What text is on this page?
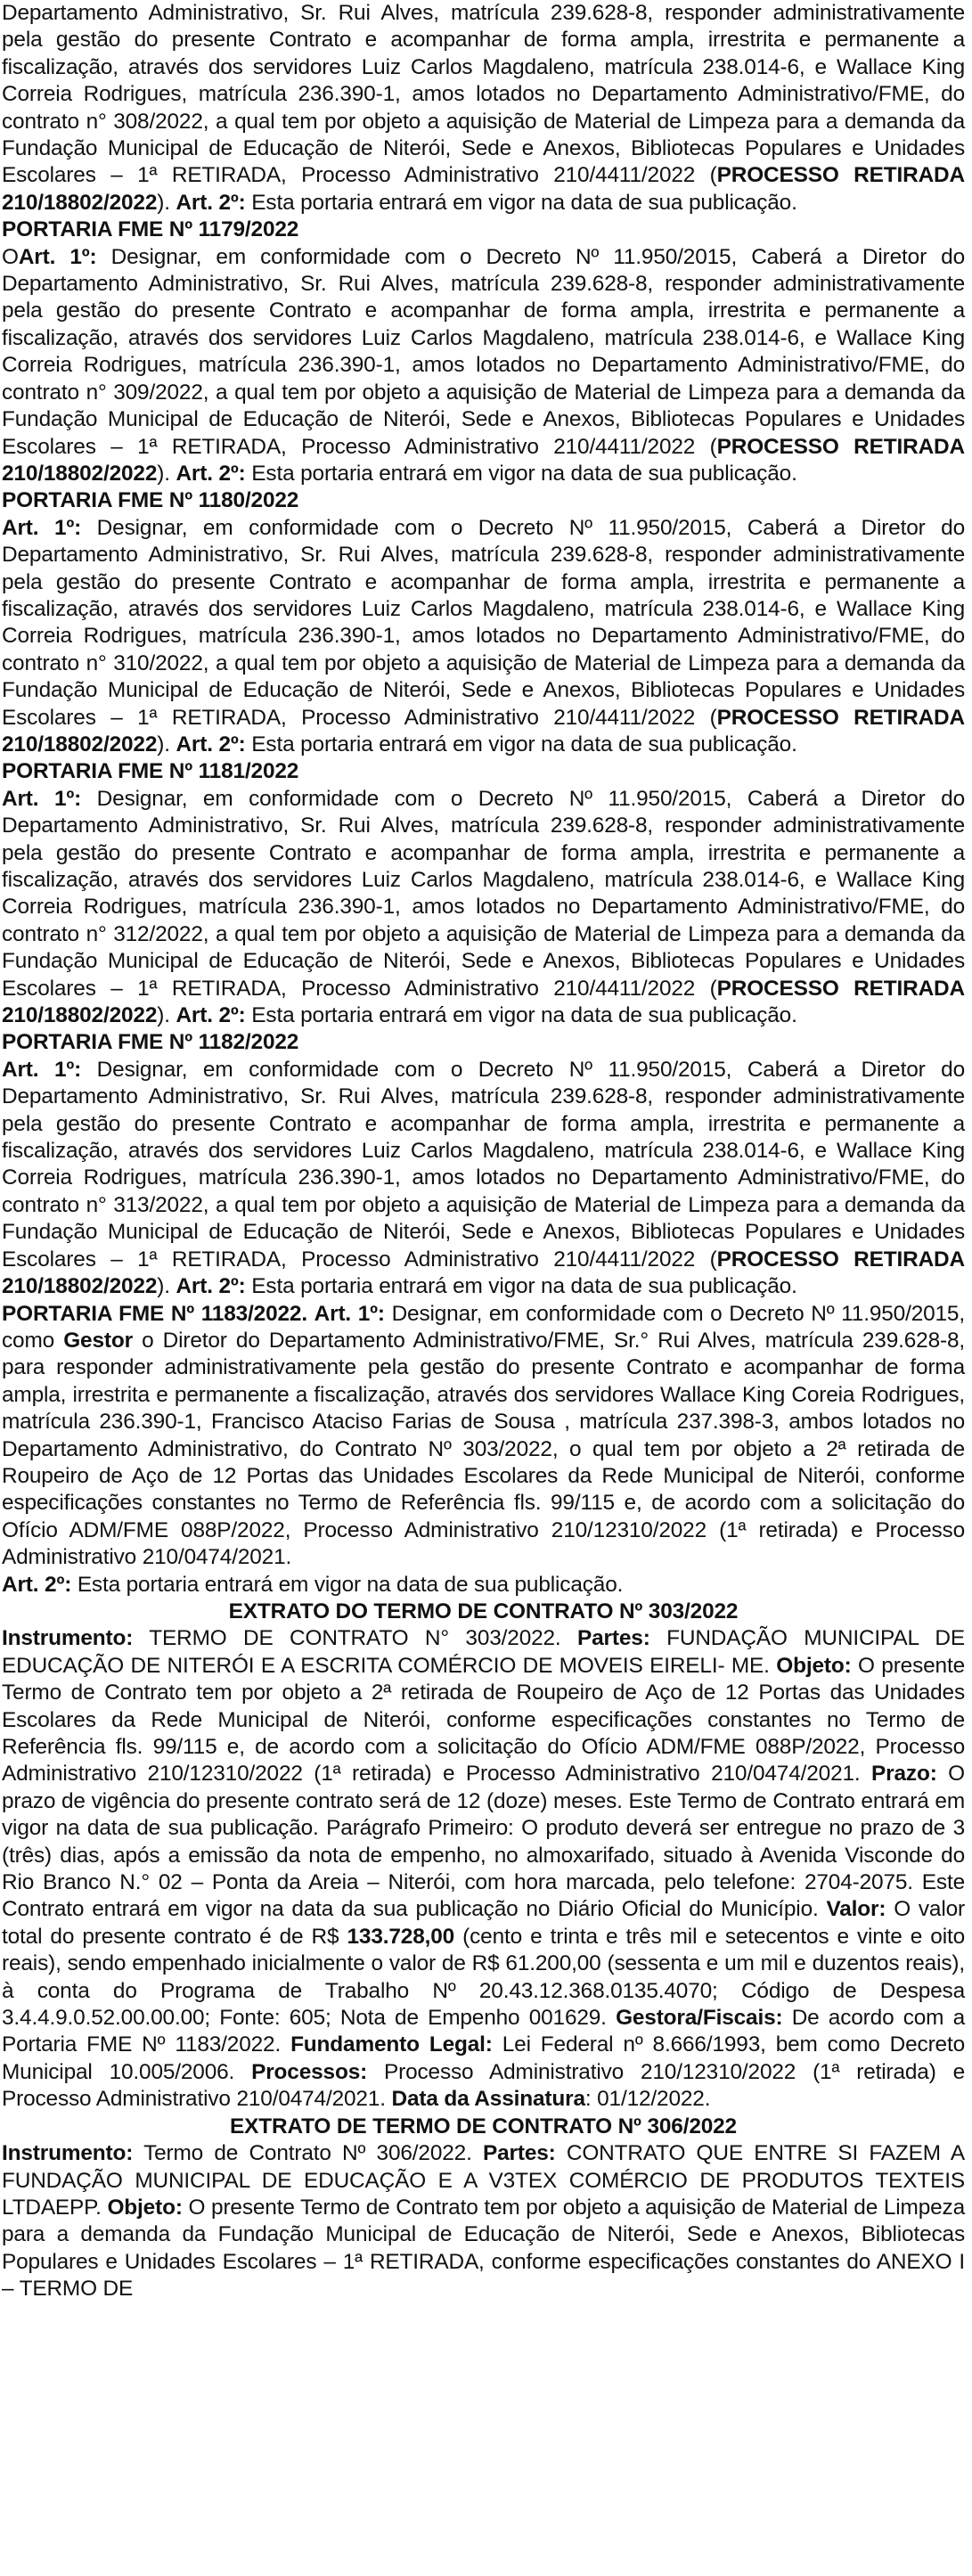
Departamento Administrativo, Sr. Rui Alves, matrícula 239.628-8, responder administrativamente pela gestão do presente Contrato e acompanhar de forma ampla, irrestrita e permanente a fiscalização, através dos servidores Luiz Carlos Magdaleno, matrícula 238.014-6, e Wallace King Correia Rodrigues, matrícula 236.390-1, amos lotados no Departamento Administrativo/FME, do contrato n° 308/2022, a qual tem por objeto a aquisição de Material de Limpeza para a demanda da Fundação Municipal de Educação de Niterói, Sede e Anexos, Bibliotecas Populares e Unidades Escolares – 1ª RETIRADA, Processo Administrativo 210/4411/2022 (PROCESSO RETIRADA 210/18802/2022). Art. 2º: Esta portaria entrará em vigor na data de sua publicação.

PORTARIA FME Nº 1179/2022

OArt. 1º: Designar, em conformidade com o Decreto Nº 11.950/2015, Caberá a Diretor do Departamento Administrativo, Sr. Rui Alves, matrícula 239.628-8, responder administrativamente pela gestão do presente Contrato e acompanhar de forma ampla, irrestrita e permanente a fiscalização, através dos servidores Luiz Carlos Magdaleno, matrícula 238.014-6, e Wallace King Correia Rodrigues, matrícula 236.390-1, amos lotados no Departamento Administrativo/FME, do contrato n° 309/2022, a qual tem por objeto a aquisição de Material de Limpeza para a demanda da Fundação Municipal de Educação de Niterói, Sede e Anexos, Bibliotecas Populares e Unidades Escolares – 1ª RETIRADA, Processo Administrativo 210/4411/2022 (PROCESSO RETIRADA 210/18802/2022). Art. 2º: Esta portaria entrará em vigor na data de sua publicação.

PORTARIA FME Nº 1180/2022

Art. 1º: Designar, em conformidade com o Decreto Nº 11.950/2015, Caberá a Diretor do Departamento Administrativo, Sr. Rui Alves, matrícula 239.628-8, responder administrativamente pela gestão do presente Contrato e acompanhar de forma ampla, irrestrita e permanente a fiscalização, através dos servidores Luiz Carlos Magdaleno, matrícula 238.014-6, e Wallace King Correia Rodrigues, matrícula 236.390-1, amos lotados no Departamento Administrativo/FME, do contrato n° 310/2022, a qual tem por objeto a aquisição de Material de Limpeza para a demanda da Fundação Municipal de Educação de Niterói, Sede e Anexos, Bibliotecas Populares e Unidades Escolares – 1ª RETIRADA, Processo Administrativo 210/4411/2022 (PROCESSO RETIRADA 210/18802/2022). Art. 2º: Esta portaria entrará em vigor na data de sua publicação.

PORTARIA FME Nº 1181/2022

Art. 1º: Designar, em conformidade com o Decreto Nº 11.950/2015, Caberá a Diretor do Departamento Administrativo, Sr. Rui Alves, matrícula 239.628-8, responder administrativamente pela gestão do presente Contrato e acompanhar de forma ampla, irrestrita e permanente a fiscalização, através dos servidores Luiz Carlos Magdaleno, matrícula 238.014-6, e Wallace King Correia Rodrigues, matrícula 236.390-1, amos lotados no Departamento Administrativo/FME, do contrato n° 312/2022, a qual tem por objeto a aquisição de Material de Limpeza para a demanda da Fundação Municipal de Educação de Niterói, Sede e Anexos, Bibliotecas Populares e Unidades Escolares – 1ª RETIRADA, Processo Administrativo 210/4411/2022 (PROCESSO RETIRADA 210/18802/2022). Art. 2º: Esta portaria entrará em vigor na data de sua publicação.

PORTARIA FME Nº 1182/2022

Art. 1º: Designar, em conformidade com o Decreto Nº 11.950/2015, Caberá a Diretor do Departamento Administrativo, Sr. Rui Alves, matrícula 239.628-8, responder administrativamente pela gestão do presente Contrato e acompanhar de forma ampla, irrestrita e permanente a fiscalização, através dos servidores Luiz Carlos Magdaleno, matrícula 238.014-6, e Wallace King Correia Rodrigues, matrícula 236.390-1, amos lotados no Departamento Administrativo/FME, do contrato n° 313/2022, a qual tem por objeto a aquisição de Material de Limpeza para a demanda da Fundação Municipal de Educação de Niterói, Sede e Anexos, Bibliotecas Populares e Unidades Escolares – 1ª RETIRADA, Processo Administrativo 210/4411/2022 (PROCESSO RETIRADA 210/18802/2022). Art. 2º: Esta portaria entrará em vigor na data de sua publicação.

PORTARIA FME Nº 1183/2022. Art. 1º: Designar, em conformidade com o Decreto Nº 11.950/2015, como Gestor o Diretor do Departamento Administrativo/FME, Sr.° Rui Alves, matrícula 239.628-8, para responder administrativamente pela gestão do presente Contrato e acompanhar de forma ampla, irrestrita e permanente a fiscalização, através dos servidores Wallace King Coreia Rodrigues, matrícula 236.390-1, Francisco Ataciso Farias de Sousa , matrícula 237.398-3, ambos lotados no Departamento Administrativo, do Contrato Nº 303/2022, o qual tem por objeto a 2ª retirada de Roupeiro de Aço de 12 Portas das Unidades Escolares da Rede Municipal de Niterói, conforme especificações constantes no Termo de Referência fls. 99/115 e, de acordo com a solicitação do Ofício ADM/FME 088P/2022, Processo Administrativo 210/12310/2022 (1ª retirada) e Processo Administrativo 210/0474/2021.

Art. 2º: Esta portaria entrará em vigor na data de sua publicação.

EXTRATO DO TERMO DE CONTRATO Nº 303/2022

Instrumento: TERMO DE CONTRATO N° 303/2022. Partes: FUNDAÇÃO MUNICIPAL DE EDUCAÇÃO DE NITERÓI E A ESCRITA COMÉRCIO DE MOVEIS EIRELI- ME. Objeto: O presente Termo de Contrato tem por objeto a 2ª retirada de Roupeiro de Aço de 12 Portas das Unidades Escolares da Rede Municipal de Niterói, conforme especificações constantes no Termo de Referência fls. 99/115 e, de acordo com a solicitação do Ofício ADM/FME 088P/2022, Processo Administrativo 210/12310/2022 (1ª retirada) e Processo Administrativo 210/0474/2021. Prazo: O prazo de vigência do presente contrato será de 12 (doze) meses. Este Termo de Contrato entrará em vigor na data de sua publicação. Parágrafo Primeiro: O produto deverá ser entregue no prazo de 3 (três) dias, após a emissão da nota de empenho, no almoxarifado, situado à Avenida Visconde do Rio Branco N.° 02 – Ponta da Areia – Niterói, com hora marcada, pelo telefone: 2704-2075. Este Contrato entrará em vigor na data da sua publicação no Diário Oficial do Município. Valor: O valor total do presente contrato é de R$ 133.728,00 (cento e trinta e três mil e setecentos e vinte e oito reais), sendo empenhado inicialmente o valor de R$ 61.200,00 (sessenta e um mil e duzentos reais), à conta do Programa de Trabalho Nº 20.43.12.368.0135.4070; Código de Despesa 3.4.4.9.0.52.00.00.00; Fonte: 605; Nota de Empenho 001629. Gestora/Fiscais: De acordo com a Portaria FME Nº 1183/2022. Fundamento Legal: Lei Federal nº 8.666/1993, bem como Decreto Municipal 10.005/2006. Processos: Processo Administrativo 210/12310/2022 (1ª retirada) e Processo Administrativo 210/0474/2021. Data da Assinatura: 01/12/2022.

EXTRATO DE TERMO DE CONTRATO Nº 306/2022

Instrumento: Termo de Contrato Nº 306/2022. Partes: CONTRATO QUE ENTRE SI FAZEM A FUNDAÇÃO MUNICIPAL DE EDUCAÇÃO E A V3TEX COMÉRCIO DE PRODUTOS TEXTEIS LTDAEPP. Objeto: O presente Termo de Contrato tem por objeto a aquisição de Material de Limpeza para a demanda da Fundação Municipal de Educação de Niterói, Sede e Anexos, Bibliotecas Populares e Unidades Escolares – 1ª RETIRADA, conforme especificações constantes do ANEXO I – TERMO DE
